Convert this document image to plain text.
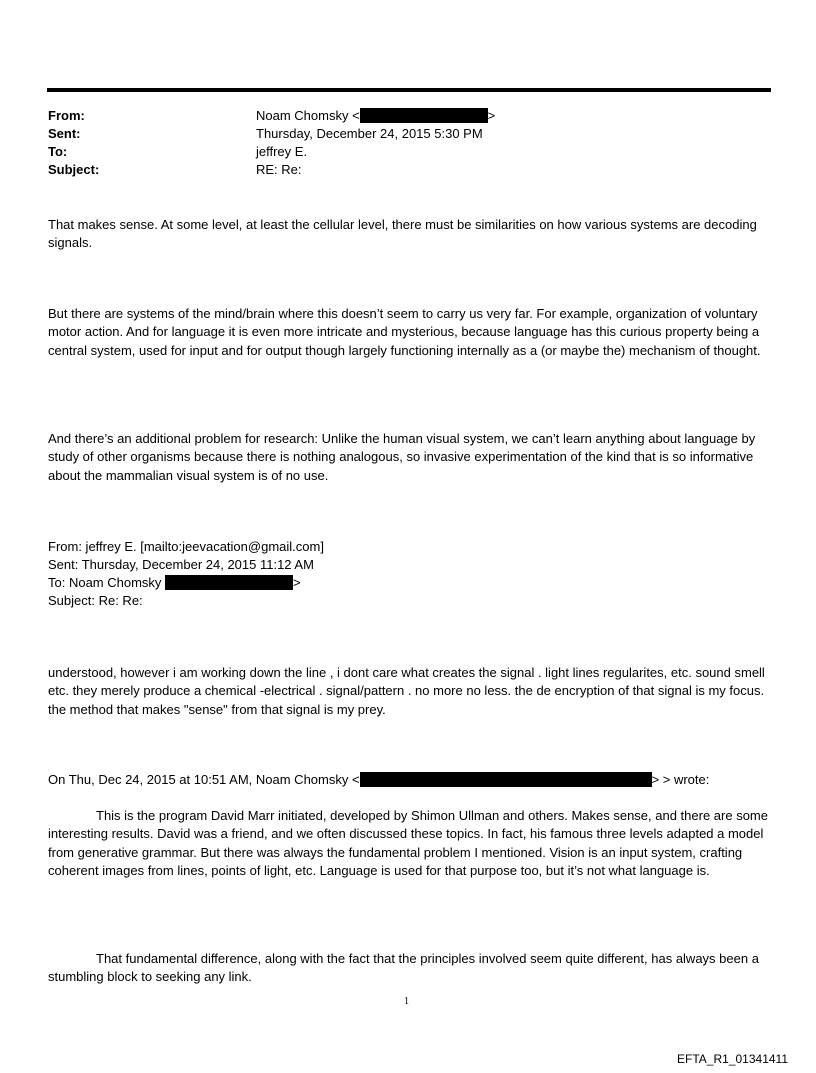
From:	Noam Chomsky <	>
Sent:	Thursday, December 24, 2015 5:30 PM
To:	jeffrey E.
Subject:	RE: Re:
That makes sense. At some level, at least the cellular level, there must be similarities on how various systems are decoding signals.
But there are systems of the mind/brain where this doesn’t seem to carry us very far. For example, organization of voluntary motor action. And for language it is even more intricate and mysterious, because language has this curious property being a central system, used for input and for output though largely functioning internally as a (or maybe the) mechanism of thought.
And there’s an additional problem for research: Unlike the human visual system, we can’t learn anything about language by study of other organisms because there is nothing analogous, so invasive experimentation of the kind that is so informative about the mammalian visual system is of no use.
From: jeffrey E. [mailto:jeevacation@gmail.com]
Sent: Thursday, December 24, 2015 11:12 AM
To: Noam Chomsky	>
Subject: Re: Re:
understood, however i am working down the line , i dont care what creates the signal . light lines regularites, etc. sound smell etc. they merely produce a chemical -electrical . signal/pattern . no more no less. the de encryption of that signal is my focus. the method that makes "sense" from that signal is my prey.
On Thu, Dec 24, 2015 at 10:51 AM, Noam Chomsky <	> > wrote:
This is the program David Marr initiated, developed by Shimon Ullman and others. Makes sense, and there are some interesting results. David was a friend, and we often discussed these topics. In fact, his famous three levels adapted a model from generative grammar. But there was always the fundamental problem I mentioned. Vision is an input system, crafting coherent images from lines, points of light, etc. Language is used for that purpose too, but it’s not what language is.
That fundamental difference, along with the fact that the principles involved seem quite different, has always been a stumbling block to seeking any link.
1
EFTA_R1_01341411
